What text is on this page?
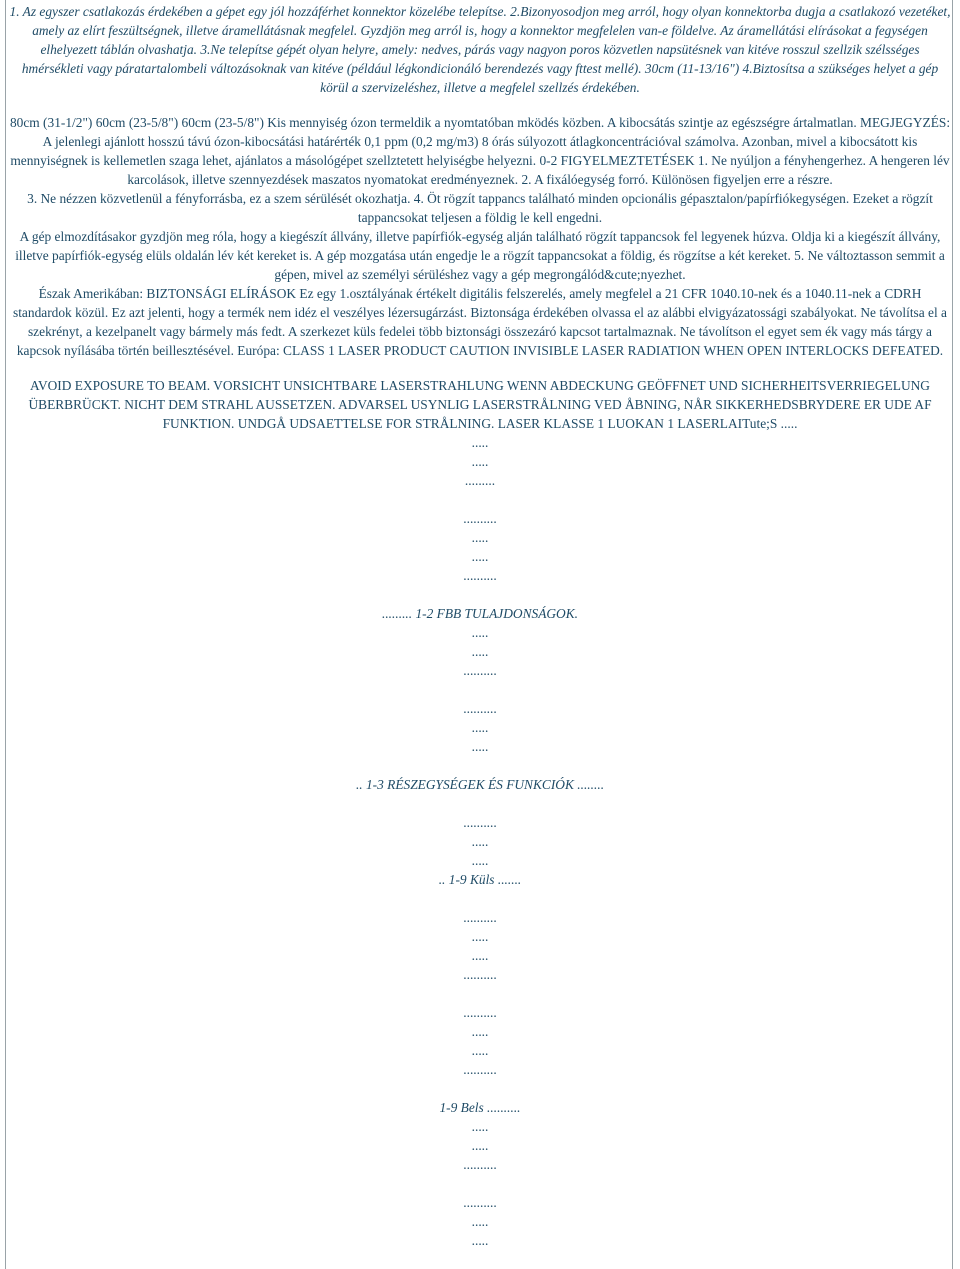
1. Az egyszer csatlakozás érdekében a gépet egy jól hozzáférhet konnektor közelébe telepítse. 2.Bizonyosodjon meg arról, hogy olyan konnektorba dugja a csatlakozó vezetéket, amely az elírt feszültségnek, illetve áramellátásnak megfelel. Gyzdjön meg arról is, hogy a konnektor megfelelen van-e földelve. Az áramellátási elírásokat a fegységen elhelyezett táblán olvashatja. 3.Ne telepítse gépét olyan helyre, amely: nedves, párás vagy nagyon poros közvetlen napsütésnek van kitéve rosszul szellzik szélsséges hmérsékleti vagy páratartalombeli változásoknak van kitéve (például légkondicionáló berendezés vagy fttest mellé). 30cm (11-13/16") 4.Biztosítsa a szükséges helyet a gép körül a szervizeléshez, illetve a megfelel szellzés érdekében.

80cm (31-1/2") 60cm (23-5/8") 60cm (23-5/8") Kis mennyiség ózon termeldik a nyomtatóban mködés közben. A kibocsátás szintje az egészségre ártalmatlan. MEGJEGYZÉS: A jelenlegi ajánlott hosszú távú ózon-kibocsátási határérték 0,1 ppm (0,2 mg/m3) 8 órás súlyozott átlagkoncentrációval számolva. Azonban, mivel a kibocsátott kis mennyiségnek is kellemetlen szaga lehet, ajánlatos a másológépet szellztetett helyiségbe helyezni. 0-2 FIGYELMEZTETÉSEK 1. Ne nyúljon a fényhengerhez. A hengeren lév karcolások, illetve szennyezdések maszatos nyomatokat eredményeznek. 2. A fixálóegység forró. Különösen figyeljen erre a részre.

3. Ne nézzen közvetlenül a fényforrásba, ez a szem sérülését okozhatja. 4. Öt rögzít tappancs található minden opcionális gépasztalon/papírfiókegységen. Ezeket a rögzít tappancsokat teljesen a földig le kell engedni.

A gép elmozdításakor gyzdjön meg róla, hogy a kiegészít állvány, illetve papírfiók-egység alján található rögzít tappancsok fel legyenek húzva. Oldja ki a kiegészít állvány, illetve papírfiók-egység elüls oldalán lév két kereket is. A gép mozgatása után engedje le a rögzít tappancsokat a földig, és rögzítse a két kereket. 5. Ne változtasson semmit a gépen, mivel az személyi sérüléshez vagy a gép megrongálód&cute;nyezhet.

Észak Amerikában: BIZTONSÁGI ELÍRÁSOK Ez egy 1.osztályának értékelt digitális felszerelés, amely megfelel a 21 CFR 1040.10-nek és a 1040.11-nek a CDRH standardok közül. Ez azt jelenti, hogy a termék nem idéz el veszélyes lézersugárzást. Biztonsága érdekében olvassa el az alábbi elvigyázatossági szabályokat. Ne távolítsa el a szekrényt, a kezelpanelt vagy bármely más fedt. A szerkezet küls fedelei több biztonsági összezáró kapcsot tartalmaznak. Ne távolítson el egyet sem ék vagy más tárgy a kapcsok nyílásába történ beillesztésével. Európa: CLASS 1 LASER PRODUCT CAUTION INVISIBLE LASER RADIATION WHEN OPEN INTERLOCKS DEFEATED.

AVOID EXPOSURE TO BEAM. VORSICHT UNSICHTBARE LASERSTRAHLUNG WENN ABDECKUNG GEÖFFNET UND SICHERHEITSVERRIEGELUNG ÜBERBRÜCKT. NICHT DEM STRAHL AUSSETZEN. ADVARSEL USYNLIG LASERSTRÅLNING VED ÅBNING, NÅR SIKKERHEDSBRYDERE ER UDE AF FUNKTION. UNDGÅ UDSAETTELSE FOR STRÅLNING. LASER KLASSE 1 LUOKAN 1 LASERLAITute;S .....

.....

.....

.........

..........

.....

.....

..........

......... 1-2 FBB TULAJDONSÁGOK.

.....

.....

..........

..........

.....

.....

.. 1-3 RÉSZEGYSÉGEK ÉS FUNKCIÓK ........

..........

.....

.....

.. 1-9 Küls .......

..........

.....

.....

..........

..........

.....

.....

..........

1-9 Bels ..........

.....

.....

..........

..........

.....

.....
